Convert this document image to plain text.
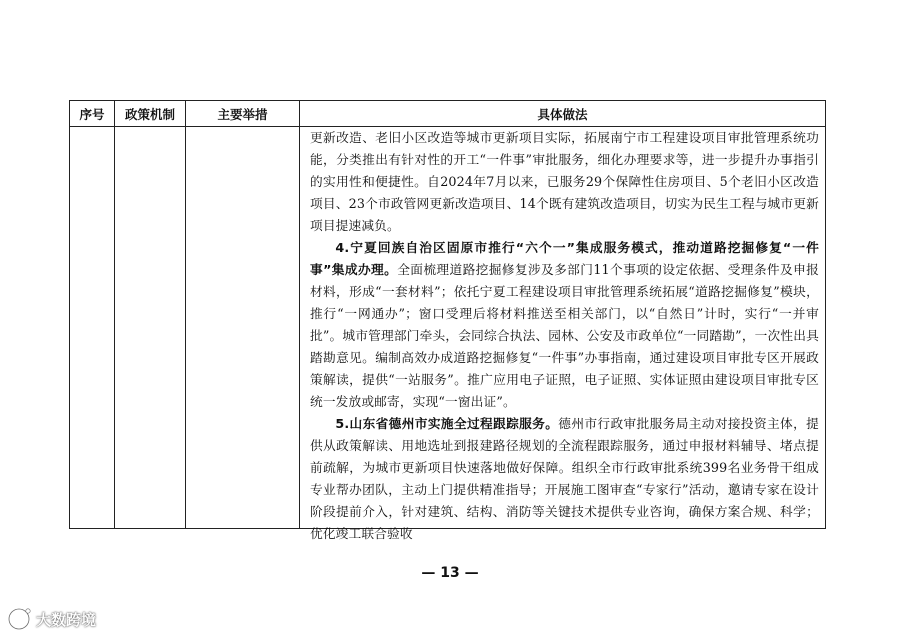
序号	政策机制	主要举措	具体做法

			更新改造、老旧小区改造等城市更新项目实际，拓展南宁市工程建设项目审批管理系统功能，分类推出有针对性的开工“一件事”审批服务，细化办理要求等，进一步提升办事指引的实用性和便捷性。自2024年7月以来，已服务29个保障性住房项目、5个老旧小区改造项目、23个市政管网更新改造项目、14个既有建筑改造项目，切实为民生工程与城市更新项目提速减负。

4.宁夏回族自治区固原市推行“六个一”集成服务模式，推动道路挖掘修复“一件事”集成办理。全面梳理道路挖掘修复涉及多部门11个事项的设定依据、受理条件及申报材料，形成“一套材料”；依托宁夏工程建设项目审批管理系统拓展“道路挖掘修复”模块，推行“一网通办”；窗口受理后将材料推送至相关部门，以“自然日”计时，实行“一并审批”。城市管理部门牵头，会同综合执法、园林、公安及市政单位“一同踏勘”，一次性出具踏勘意见。编制高效办成道路挖掘修复“一件事”办事指南，通过建设项目审批专区开展政策解读，提供“一站服务”。推广应用电子证照，电子证照、实体证照由建设项目审批专区统一发放或邮寄，实现“一窗出证”。

5.山东省德州市实施全过程跟踪服务。德州市行政审批服务局主动对接投资主体，提供从政策解读、用地选址到报建路径规划的全流程跟踪服务，通过申报材料辅导、堵点提前疏解，为城市更新项目快速落地做好保障。组织全市行政审批系统399名业务骨干组成专业帮办团队，主动上门提供精准指导；开展施工图审查“专家行”活动，邀请专家在设计阶段提前介入，针对建筑、结构、消防等关键技术提供专业咨询，确保方案合规、科学；优化竣工联合验收

— 13 —
大数跨境
